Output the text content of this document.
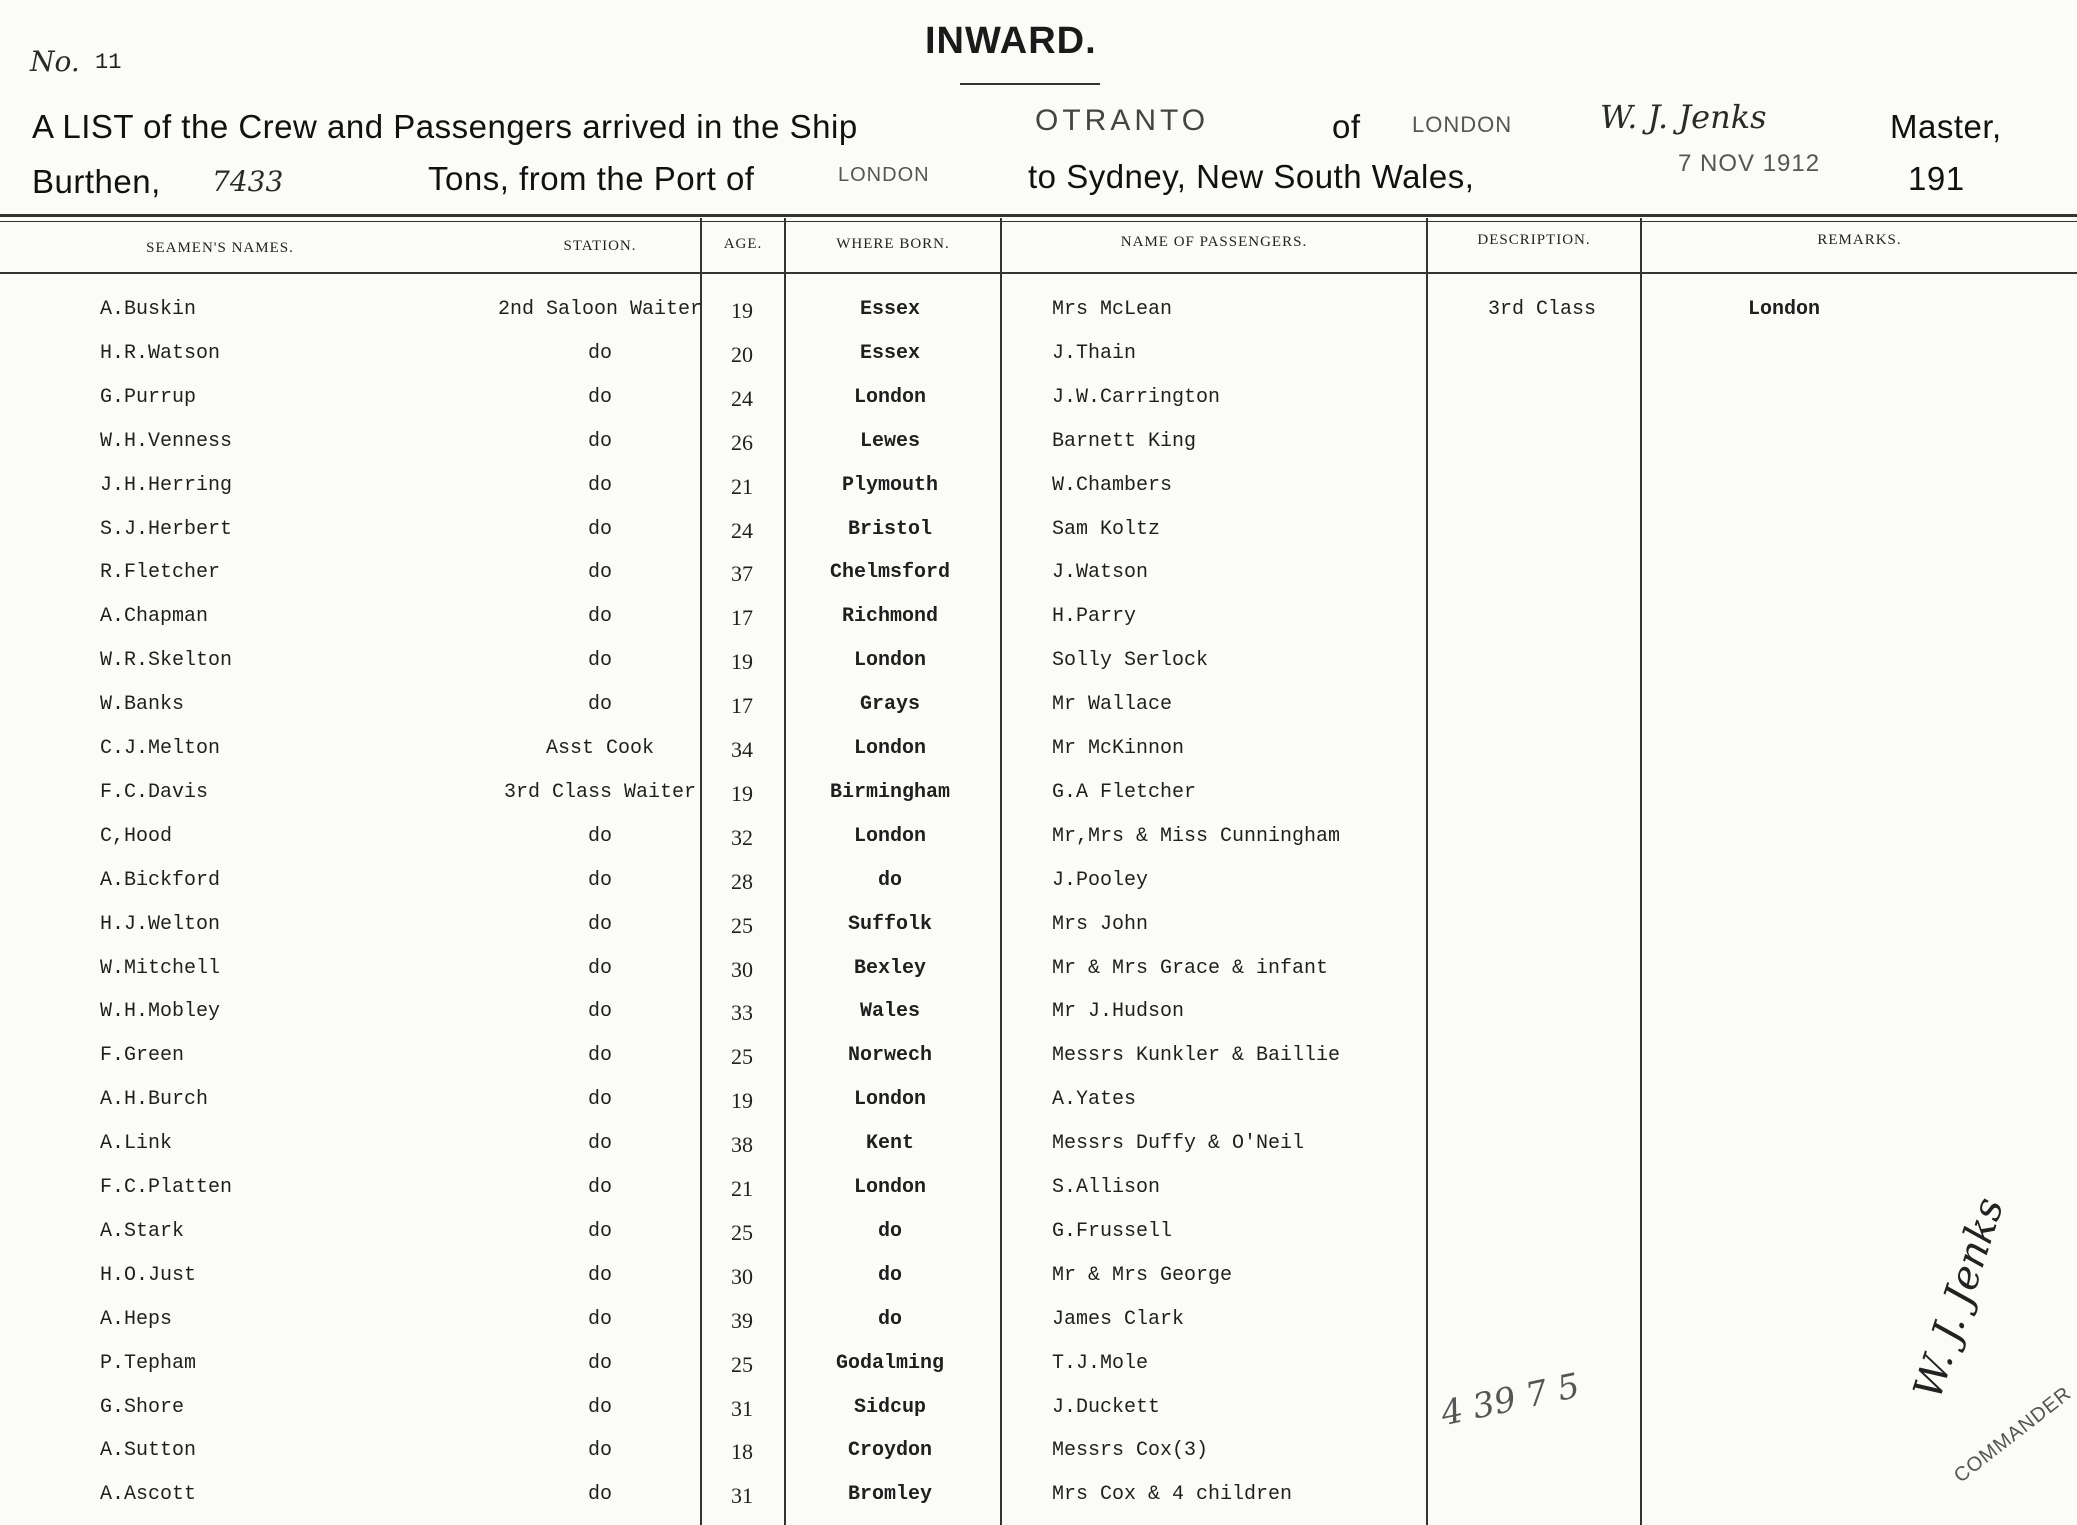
No. 11
INWARD.
A LIST of the Crew and Passengers arrived in the Ship	OTRANTO	of LONDON	W. J. Jenks	Master,
Burthen, 7433	Tons, from the Port of	LONDON	to Sydney, New South Wales,	7 NOV 1912	191
SEAMEN'S NAMES.	STATION.	AGE.	WHERE BORN.	NAME OF PASSENGERS.	DESCRIPTION.	REMARKS.
A.Buskin	2nd Saloon Waiter 19	Essex	Mrs McLean	3rd Class	London
H.R.Watson	do	20	Essex	J.Thain
G.Purrup	do	24	London	J.W.Carrington
W.H.Venness	do	26	Lewes	Barnett King
J.H.Herring	do	21	Plymouth	W.Chambers
S.J.Herbert	do	24	Bristol	Sam Koltz
R.Fletcher	do	37	Chelmsford	J.Watson
A.Chapman	do	17	Richmond	H.Parry
W.R.Skelton	do	19	London	Solly Serlock
W.Banks	do	17	Grays	Mr Wallace
C.J.Melton	Asst Cook	34	London	Mr McKinnon
F.C.Davis	3rd Class Waiter 19	Birmingham	G.A Fletcher
C,Hood	do	32	London	Mr,Mrs & Miss Cunningham
A.Bickford	do	28	do	J.Pooley
H.J.Welton	do	25	Suffolk	Mrs John
W.Mitchell	do	30	Bexley	Mr & Mrs Grace & infant
W.H.Mobley	do	33	Wales	Mr J.Hudson
F.Green	do	25	Norwech	Messrs Kunkler & Baillie
A.H.Burch	do	19	London	A.Yates
A.Link	do	38	Kent	Messrs Duffy & O'Neil
F.C.Platten	do	21	London	S.Allison
A.Stark	do	25	do	G.Frussell
H.O.Just	do	30	do	Mr & Mrs George
A.Heps	do	39	do	James Clark
P.Tepham	do	25	Godalming	T.J.Mole
G.Shore	do	31	Sidcup	J.Duckett
A.Sutton	do	18	Croydon	Messrs Cox(3)
A.Ascott	do	31	Bromley	Mrs Cox & 4 children
4 39 7 5	W. J. Jenks
COMMANDER
